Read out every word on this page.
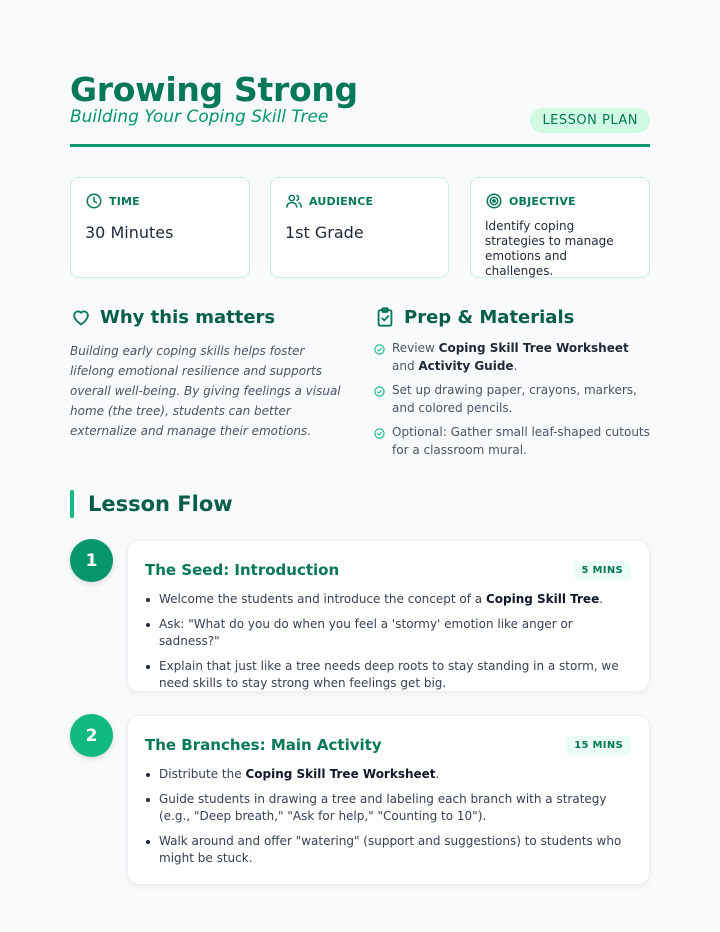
Growing Strong
Building Your Coping Skill Tree	LESSON PLAN
TIME
30 Minutes
AUDIENCE
1st Grade
OBJECTIVE
Identify coping strategies to manage emotions and challenges.
Why this matters

Building early coping skills helps foster lifelong emotional resilience and supports overall well-being. By giving feelings a visual home (the tree), students can better externalize and manage their emotions.

Prep & Materials
Review Coping Skill Tree Worksheet and Activity Guide.
Set up drawing paper, crayons, markers, and colored pencils.
Optional: Gather small leaf-shaped cutouts for a classroom mural.
Lesson Flow
1	The Seed: Introduction	5 MINS
Welcome the students and introduce the concept of a Coping Skill Tree.
Ask: "What do you do when you feel a 'stormy' emotion like anger or sadness?"
Explain that just like a tree needs deep roots to stay standing in a storm, we need skills to stay strong when feelings get big.
2	The Branches: Main Activity	15 MINS
Distribute the Coping Skill Tree Worksheet.
Guide students in drawing a tree and labeling each branch with a strategy (e.g., "Deep breath," "Ask for help," "Counting to 10").
Walk around and offer "watering" (support and suggestions) to students who might be stuck.
